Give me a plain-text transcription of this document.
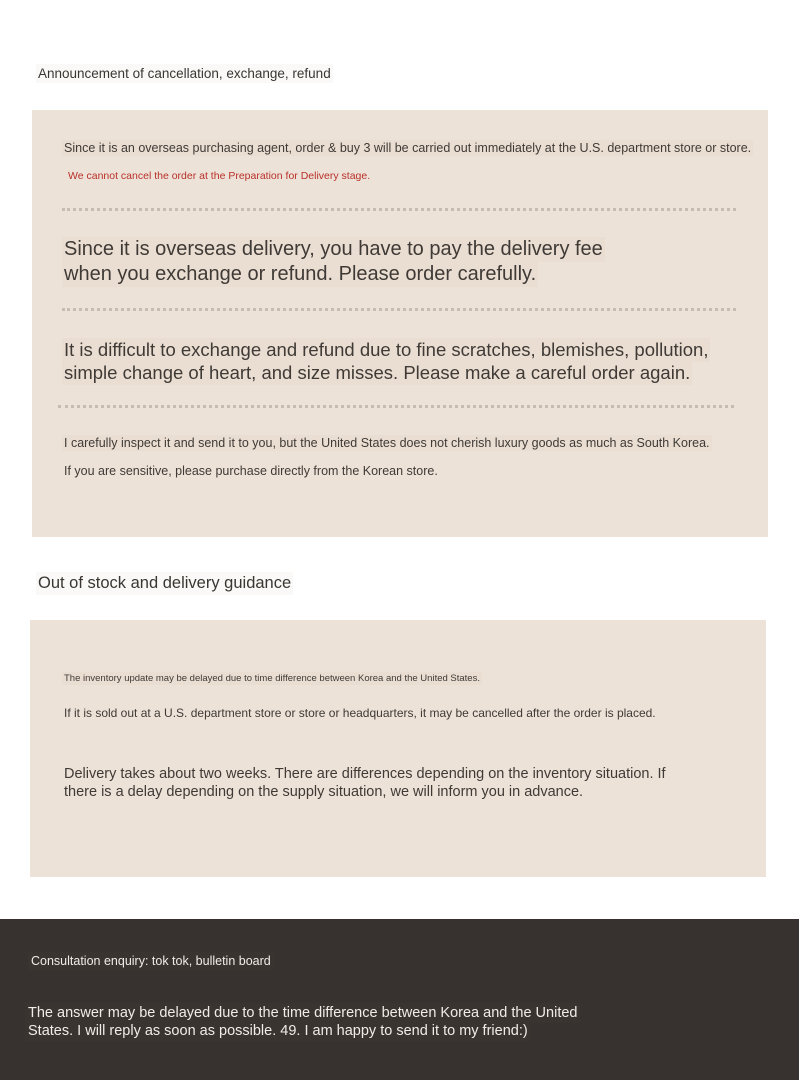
Announcement of cancellation, exchange, refund
Since it is an overseas purchasing agent, order & buy 3 will be carried out immediately at the U.S. department store or store.
We cannot cancel the order at the Preparation for Delivery stage.
Since it is overseas delivery, you have to pay the delivery fee
when you exchange or refund. Please order carefully.
It is difficult to exchange and refund due to fine scratches, blemishes, pollution,
simple change of heart, and size misses. Please make a careful order again.
I carefully inspect it and send it to you, but the United States does not cherish luxury goods as much as South Korea.
If you are sensitive, please purchase directly from the Korean store.
Out of stock and delivery guidance
The inventory update may be delayed due to time difference between Korea and the United States.
If it is sold out at a U.S. department store or store or headquarters, it may be cancelled after the order is placed.
Delivery takes about two weeks. There are differences depending on the inventory situation. If
there is a delay depending on the supply situation, we will inform you in advance.
Consultation enquiry: tok tok, bulletin board
The answer may be delayed due to the time difference between Korea and the United
States. I will reply as soon as possible. 49. I am happy to send it to my friend:)
